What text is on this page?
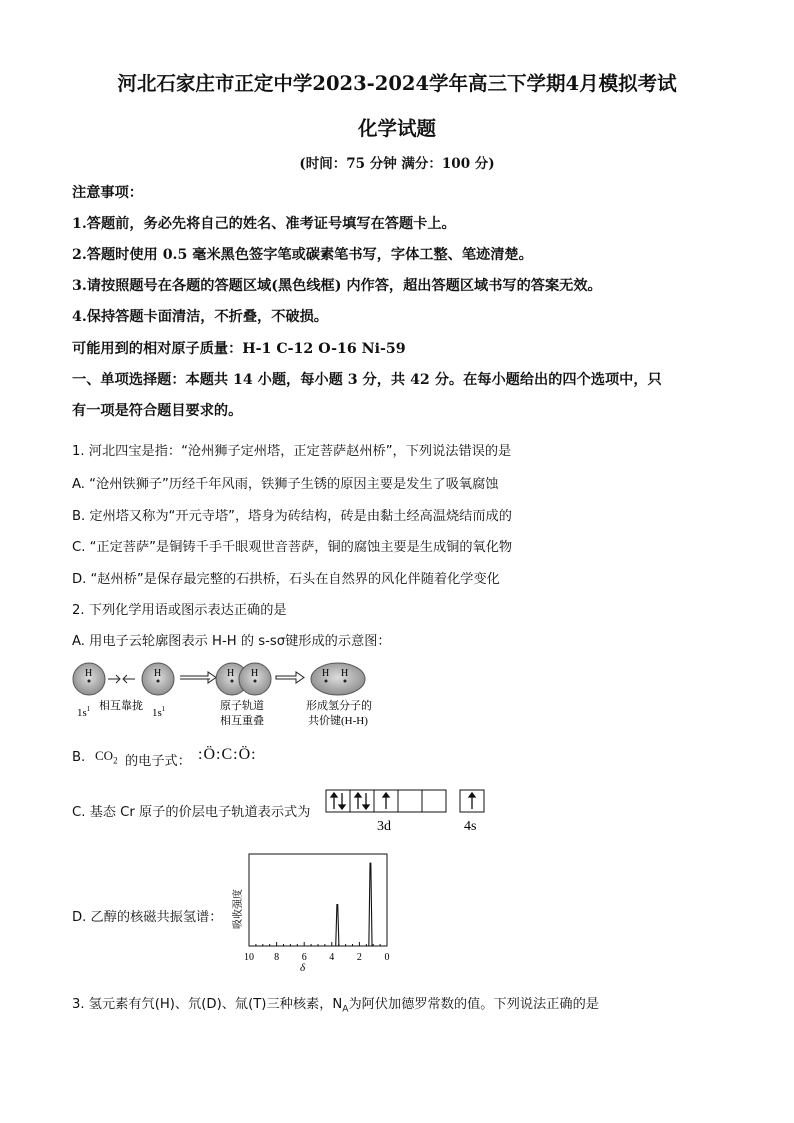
河北石家庄市正定中学2023-2024学年高三下学期4月模拟考试
化学试题
(时间：75 分钟 满分：100 分)
注意事项：
1.答题前，务必先将自己的姓名、准考证号填写在答题卡上。
2.答题时使用 0.5 毫米黑色签字笔或碳素笔书写，字体工整、笔迹清楚。
3.请按照题号在各题的答题区域(黑色线框) 内作答，超出答题区域书写的答案无效。
4.保持答题卡面清洁，不折叠，不破损。
可能用到的相对原子质量：H-1 C-12 O-16 Ni-59
一、单项选择题：本题共 14 小题，每小题 3 分，共 42 分。在每小题给出的四个选项中，只
有一项是符合题目要求的。
1. 河北四宝是指：“沧州狮子定州塔，正定菩萨赵州桥”，下列说法错误的是
A. “沧州铁狮子”历经千年风雨，铁狮子生锈的原因主要是发生了吸氧腐蚀
B. 定州塔又称为“开元寺塔”，塔身为砖结构，砖是由黏土经高温烧结而成的
C. “正定菩萨”是铜铸千手千眼观世音菩萨，铜的腐蚀主要是生成铜的氧化物
D. “赵州桥”是保存最完整的石拱桥，石头在自然界的风化伴随着化学变化
2. 下列化学用语或图示表达正确的是
A. 用电子云轮廓图表示 H-H 的 s-sσ键形成的示意图：
H	H	H H	H H
$1s^1$ 相互靠拢
$1s^1$	原子轨道
相互重叠
形成氢分子的
共价键(H-H)
B. $CO_2$ 的电子式： :Ö:C:Ö:
C. 基态 Cr 原子的价层电子轨道表示式为
3d	4s
D. 乙醇的核磁共振氢谱： 吸收强度
10 8 6 4 2 0
δ
3. 氢元素有氕(H)、氘(D)、氚(T)三种核素，$N_A$为阿伏加德罗常数的值。下列说法正确的是
